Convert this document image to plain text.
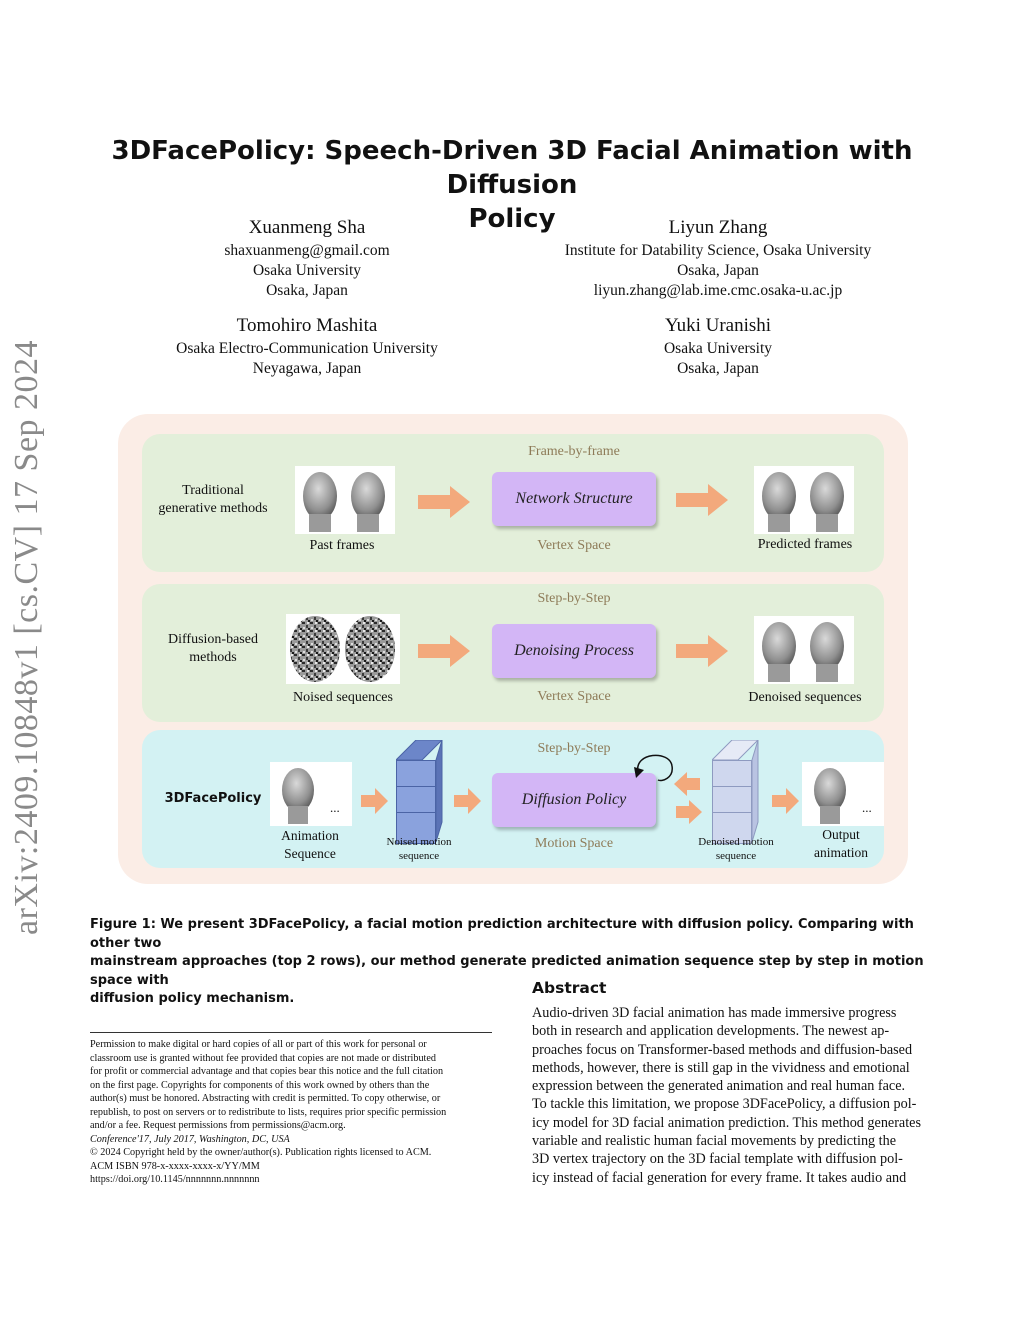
arXiv:2409.10848v1 [cs.CV] 17 Sep 2024
3DFacePolicy: Speech-Driven 3D Facial Animation with Diffusion
Policy
Xuanmeng Sha
shaxuanmeng@gmail.com
Osaka University
Osaka, Japan
Liyun Zhang
Institute for Datability Science, Osaka University
Osaka, Japan
liyun.zhang@lab.ime.cmc.osaka-u.ac.jp
Tomohiro Mashita
Osaka Electro-Communication University
Neyagawa, Japan
Yuki Uranishi
Osaka University
Osaka, Japan
Traditional
generative methods
Past frames
Frame-by-frame
Network Structure
Vertex Space	Predicted frames
Diffusion-based
methods
Noised sequences
Step-by-Step
Denoising Process
Vertex Space	Denoised sequences
3DFacePolicy
...
Animation
Sequence
Noised motion
sequence
Step-by-Step
Diffusion Policy
Motion Space	Denoised motion
sequence
...
Output
animation
Figure 1: We present 3DFacePolicy, a facial motion prediction architecture with diffusion policy. Comparing with other two
mainstream approaches (top 2 rows), our method generate predicted animation sequence step by step in motion space with
diffusion policy mechanism.
Abstract
Audio-driven 3D facial animation has made immersive progress
both in research and application developments. The newest ap-
proaches focus on Transformer-based methods and diffusion-based
methods, however, there is still gap in the vividness and emotional
expression between the generated animation and real human face.
To tackle this limitation, we propose 3DFacePolicy, a diffusion pol-
icy model for 3D facial animation prediction. This method generates
variable and realistic human facial movements by predicting the
3D vertex trajectory on the 3D facial template with diffusion pol-
icy instead of facial generation for every frame. It takes audio and
Permission to make digital or hard copies of all or part of this work for personal or
classroom use is granted without fee provided that copies are not made or distributed
for profit or commercial advantage and that copies bear this notice and the full citation
on the first page. Copyrights for components of this work owned by others than the
author(s) must be honored. Abstracting with credit is permitted. To copy otherwise, or
republish, to post on servers or to redistribute to lists, requires prior specific permission
and/or a fee. Request permissions from permissions@acm.org.
Conference'17, July 2017, Washington, DC, USA
© 2024 Copyright held by the owner/author(s). Publication rights licensed to ACM.
ACM ISBN 978-x-xxxx-xxxx-x/YY/MM
https://doi.org/10.1145/nnnnnnn.nnnnnnn
